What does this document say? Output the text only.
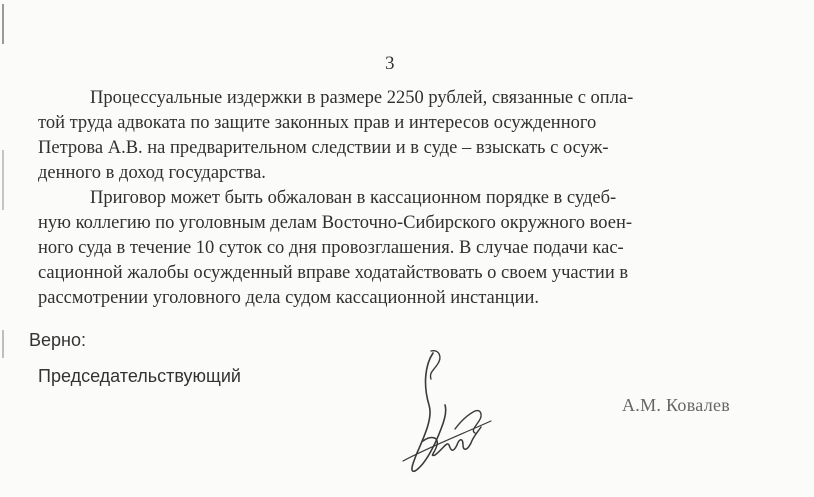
3
Процессуальные издержки в размере 2250 рублей, связанные с опла-
той труда адвоката по защите законных прав и интересов осужденного
Петрова А.В. на предварительном следствии и в суде – взыскать с осуж-
денного в доход государства.
Приговор может быть обжалован в кассационном порядке в судеб-
ную коллегию по уголовным делам Восточно-Сибирского окружного воен-
ного суда в течение 10 суток со дня провозглашения. В случае подачи кас-
сационной жалобы осужденный вправе ходатайствовать о своем участии в
рассмотрении уголовного дела судом кассационной инстанции.
Верно:
Председательствующий
А.М. Ковалев
